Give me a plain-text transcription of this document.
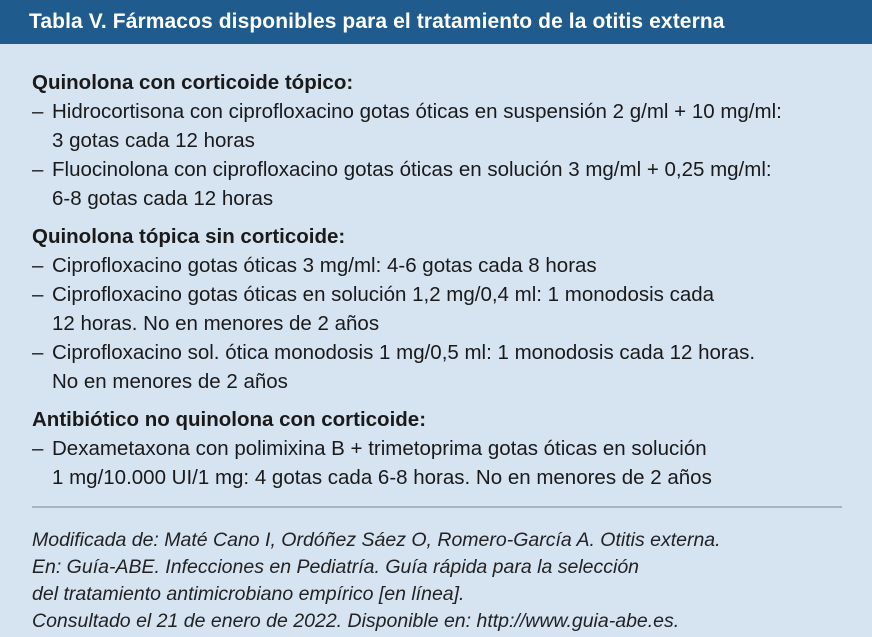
Tabla V. Fármacos disponibles para el tratamiento de la otitis externa
Quinolona con corticoide tópico:
– Hidrocortisona con ciprofloxacino gotas óticas en suspensión 2 g/ml + 10 mg/ml:
3 gotas cada 12 horas
– Fluocinolona con ciprofloxacino gotas óticas en solución 3 mg/ml + 0,25 mg/ml:
6-8 gotas cada 12 horas
Quinolona tópica sin corticoide:
– Ciprofloxacino gotas óticas 3 mg/ml: 4-6 gotas cada 8 horas
– Ciprofloxacino gotas óticas en solución 1,2 mg/0,4 ml: 1 monodosis cada
12 horas. No en menores de 2 años
– Ciprofloxacino sol. ótica monodosis 1 mg/0,5 ml: 1 monodosis cada 12 horas.
No en menores de 2 años
Antibiótico no quinolona con corticoide:
– Dexametaxona con polimixina B + trimetoprima gotas óticas en solución
1 mg/10.000 UI/1 mg: 4 gotas cada 6-8 horas. No en menores de 2 años
Modificada de: Maté Cano I, Ordóñez Sáez O, Romero-García A. Otitis externa.
En: Guía-ABE. Infecciones en Pediatría. Guía rápida para la selección
del tratamiento antimicrobiano empírico [en línea].
Consultado el 21 de enero de 2022. Disponible en: http://www.guia-abe.es.
